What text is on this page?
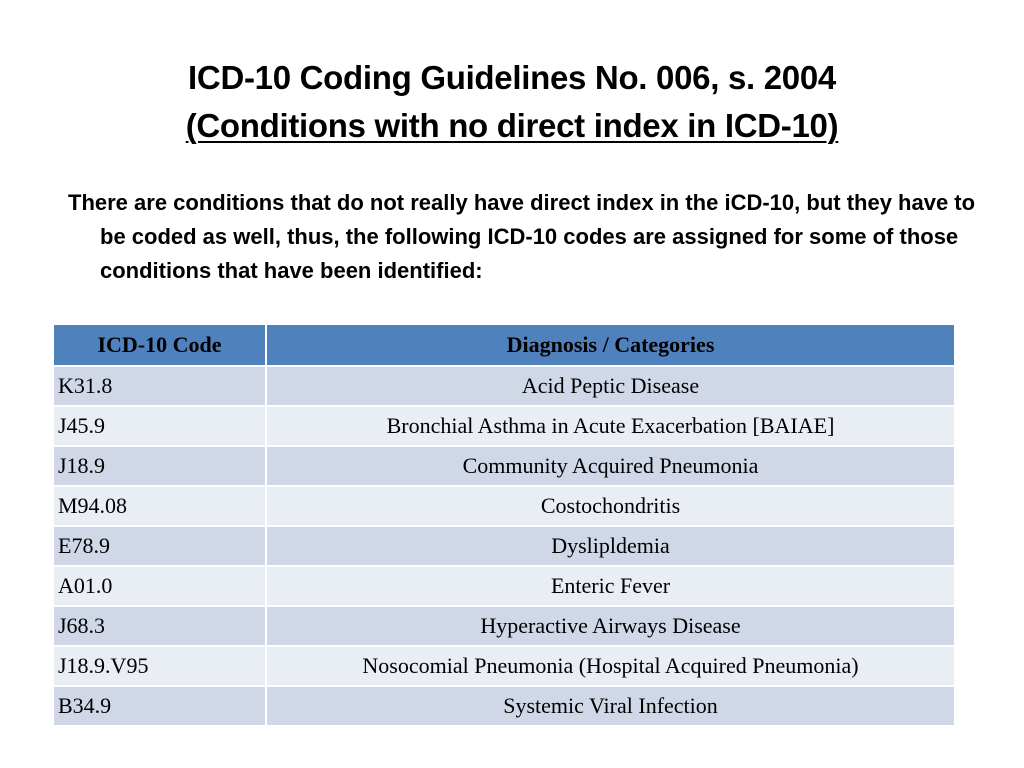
ICD-10 Coding Guidelines No. 006, s. 2004
(Conditions with no direct index in ICD-10)
There are conditions that do not really have direct index in the iCD-10, but they have to be coded as well, thus, the following ICD-10 codes are assigned for some of those conditions that have been identified:
ICD-10 Code	Diagnosis / Categories
K31.8	Acid Peptic Disease
J45.9	Bronchial Asthma in Acute Exacerbation [BAIAE]
J18.9	Community Acquired Pneumonia
M94.08	Costochondritis
E78.9	Dyslipldemia
A01.0	Enteric Fever
J68.3	Hyperactive Airways Disease
J18.9.V95	Nosocomial Pneumonia (Hospital Acquired Pneumonia)
B34.9	Systemic Viral Infection
